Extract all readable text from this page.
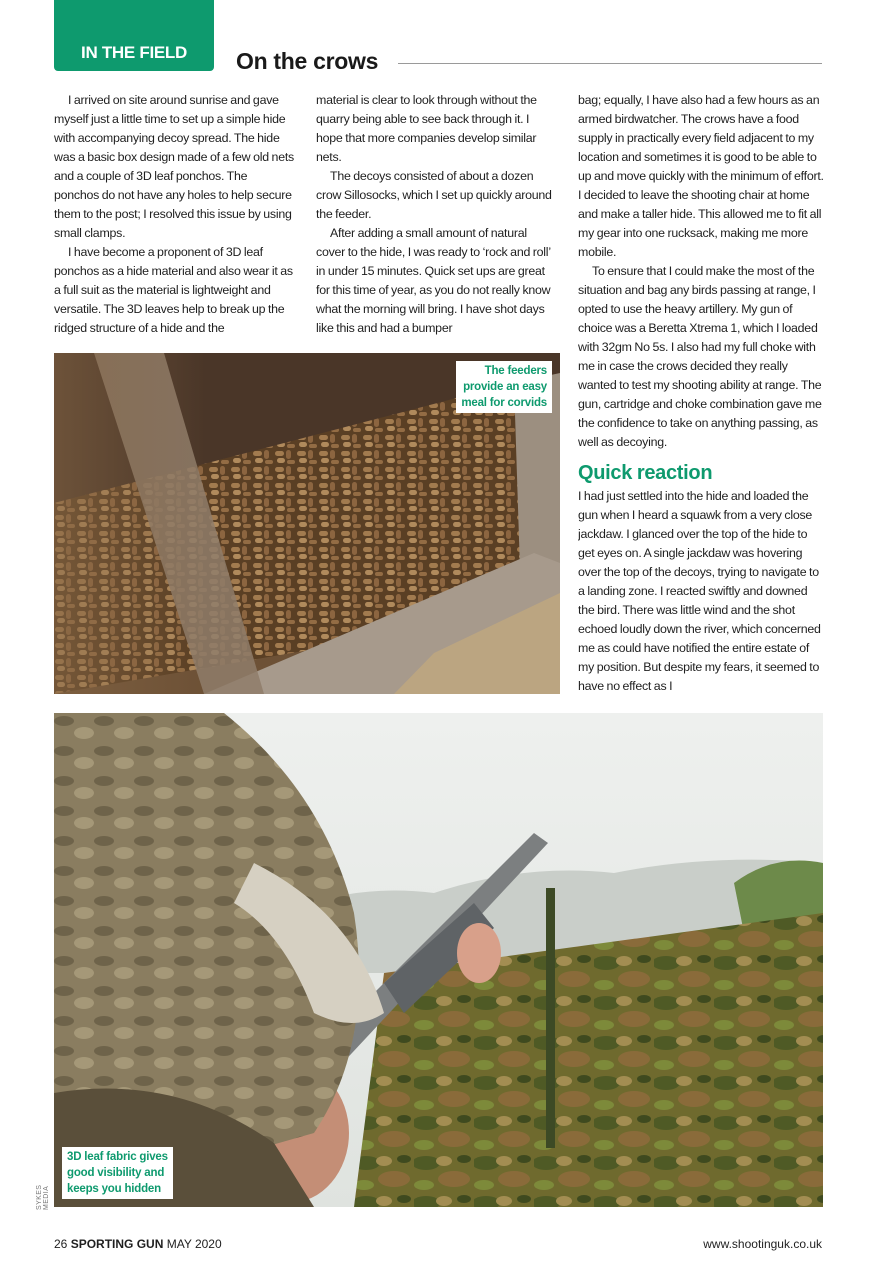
IN THE FIELD	On the crows

I arrived on site around sunrise and gave myself just a little time to set up a simple hide with accompanying decoy spread. The hide was a basic box design made of a few old nets and a couple of 3D leaf ponchos. The ponchos do not have any holes to help secure them to the post; I resolved this issue by using small clamps.

I have become a proponent of 3D leaf ponchos as a hide material and also wear it as a full suit as the material is lightweight and versatile. The 3D leaves help to break up the ridged structure of a hide and the

material is clear to look through without the quarry being able to see back through it. I hope that more companies develop similar nets.

The decoys consisted of about a dozen crow Sillosocks, which I set up quickly around the feeder.

After adding a small amount of natural cover to the hide, I was ready to ‘rock and roll’ in under 15 minutes. Quick set ups are great for this time of year, as you do not really know what the morning will bring. I have shot days like this and had a bumper

bag; equally, I have also had a few hours as an armed birdwatcher. The crows have a food supply in practically every field adjacent to my location and sometimes it is good to be able to up and move quickly with the minimum of effort. I decided to leave the shooting chair at home and make a taller hide. This allowed me to fit all my gear into one rucksack, making me more mobile.

To ensure that I could make the most of the situation and bag any birds passing at range, I opted to use the heavy artillery. My gun of choice was a Beretta Xtrema 1, which I loaded with 32gm No 5s. I also had my full choke with me in case the crows decided they really wanted to test my shooting ability at range. The gun, cartridge and choke combination gave me the confidence to take on anything passing, as well as decoying.

Quick reaction

I had just settled into the hide and loaded the gun when I heard a squawk from a very close jackdaw. I glanced over the top of the hide to get eyes on. A single jackdaw was hovering over the top of the decoys, trying to navigate to a landing zone. I reacted swiftly and downed the bird. There was little wind and the shot echoed loudly down the river, which concerned me as could have notified the entire estate of my position. But despite my fears, it seemed to have no effect as I

The feeders
provide an easy
meal for corvids
3D leaf fabric gives
good visibility and
keeps you hidden
SYKES MEDIA
26 SPORTING GUN MAY 2020	www.shootinguk.co.uk
